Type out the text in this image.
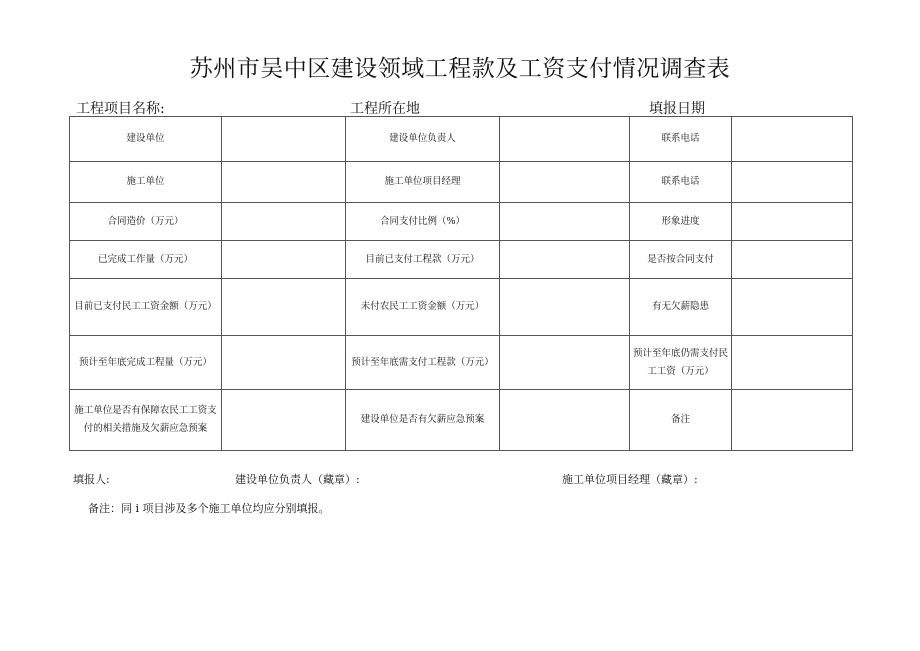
苏州市吴中区建设领域工程款及工资支付情况调查表
工程项目名称:	工程所在地	填报日期
建设单位		建设单位负责人		联系电话	
施工单位		施工单位项目经理		联系电话	
合同造价（万元）		合同支付比例（%）		形象进度	
已完成工作量（万元）		目前已支付工程款（万元）		是否按合同支付	
目前已支付民工工资金额（万元）		未付农民工工资金额（万元）		有无欠薪隐患	
预计至年底完成工程量（万元）		预计至年底需支付工程款（万元）		预计至年底仍需支付民工工资（万元）	
施工单位是否有保障农民工工资支付的相关措施及欠薪应急预案		建设单位是否有欠薪应急预案		备注	
填报人:	建设单位负责人（藏章）:	施工单位项目经理（藏章）:
备注：同 i 项目涉及多个施工单位均应分别填报。
